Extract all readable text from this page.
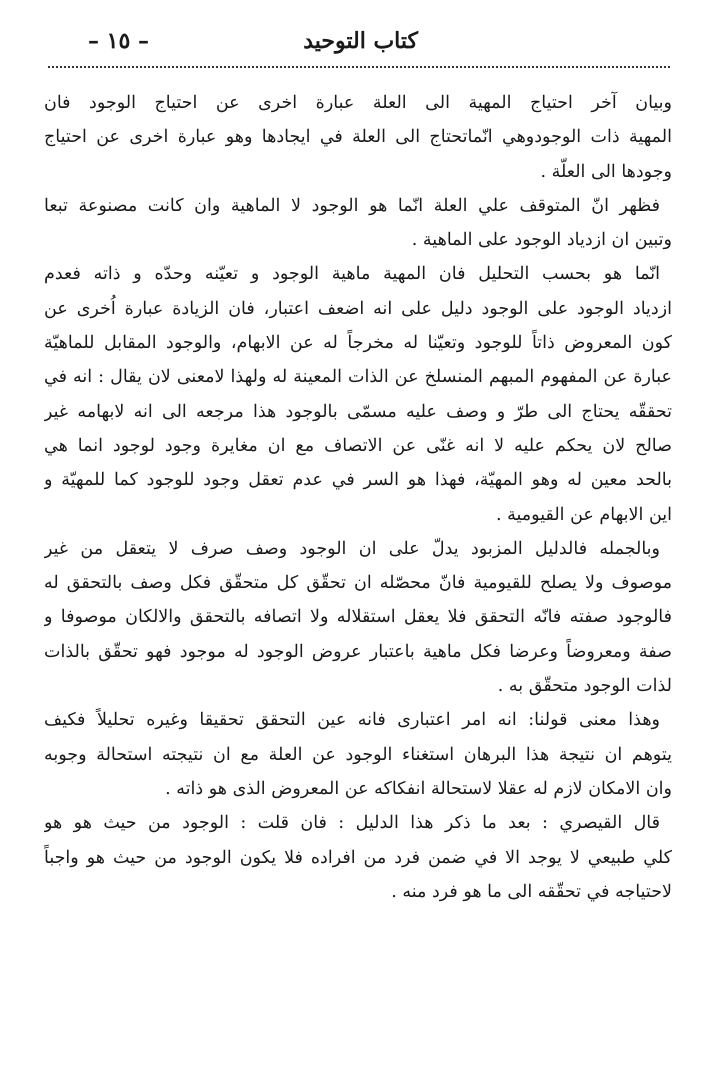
كتاب التوحيد
– ١٥ –
وبيان آخر احتياج المهية الى العلة عبارة اخرى عن احتياج الوجود فان
المهية ذات الوجودوهي انّماتحتاج الى العلة في ايجادها وهو عبارة اخرى عن احتياج
وجودها الى العلّة .
فظهر انّ المتوقف علي العلة انّما هو الوجود لا الماهية وان كانت مصنوعة تبعا
وتبين ان ازدياد الوجود على الماهية .
انّما هو بحسب التحليل فان المهية ماهية الوجود و تعيّنه وحدّه و ذاته فعدم
ازدياد الوجود على الوجود دليل على انه اضعف اعتبار، فان الزيادة عبارة اُخرى عن
كون المعروض ذاتاً للوجود وتعيّنا له مخرجاً له عن الابهام، والوجود المقابل للماهيّة
عبارة عن المفهوم المبهم المنسلخ عن الذات المعينة له ولهذا لامعنى لان يقال : انه في
تحققّه يحتاج الى طرّ و وصف عليه مسمّى بالوجود هذا مرجعه الى انه لابهامه غير
صالح لان يحكم عليه لا انه غنّى عن الاتصاف مع ان مغايرة وجود لوجود انما هي
بالحد معين له وهو المهيّة، فهذا هو السر في عدم تعقل وجود للوجود كما للمهيّة و
اين الابهام عن القيومية .
وبالجمله فالدليل المزبود يدلّ على ان الوجود وصف صرف لا يتعقل من غير
موصوف ولا يصلح للقيومية فانّ محصّله ان تحقّق كل متحقّق فكل وصف بالتحقق له
فالوجود صفته فانّه التحقق فلا يعقل استقلاله ولا اتصافه بالتحقق والالكان موصوفا و
صفة ومعروضاً وعرضا فكل ماهية باعتبار عروض الوجود له موجود فهو تحقّق بالذات
لذات الوجود متحقّق به .
وهذا معنى قولنا: انه امر اعتبارى فانه عين التحقق تحقيقا وغيره تحليلاً فكيف
يتوهم ان نتيجة هذا البرهان استغناء الوجود عن العلة مع ان نتيجته استحالة وجوبه
وان الامكان لازم له عقلا لاستحالة انفكاكه عن المعروض الذى هو ذاته .
قال القيصري : بعد ما ذكر هذا الدليل : فان قلت : الوجود من حيث هو هو
كلي طبيعي لا يوجد الا في ضمن فرد من افراده فلا يكون الوجود من حيث هو واجباً
لاحتياجه في تحقّقه الى ما هو فرد منه .
